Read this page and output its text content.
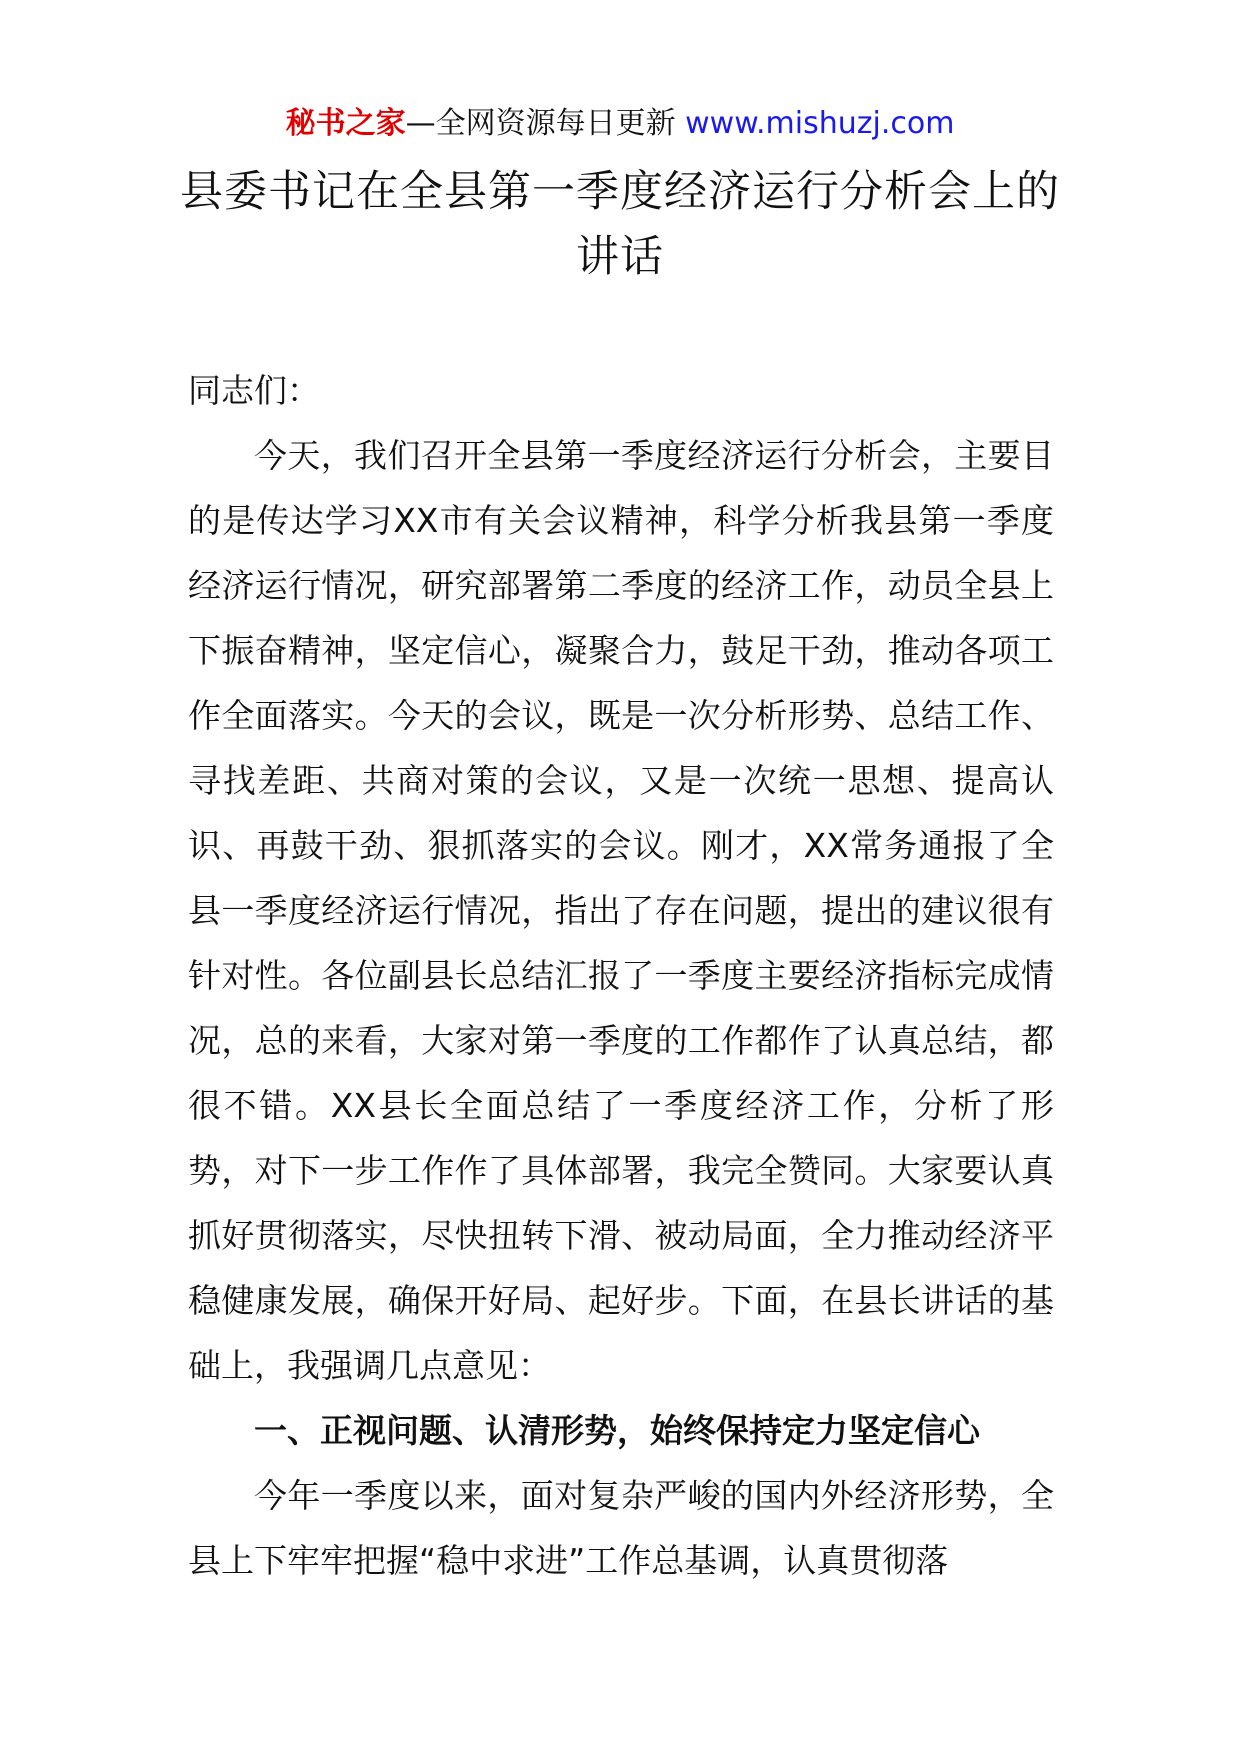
秘书之家—全网资源每日更新 www.mishuzj.com
县委书记在全县第一季度经济运行分析会上的讲话

同志们：

今天，我们召开全县第一季度经济运行分析会，主要目的是传达学习XX市有关会议精神，科学分析我县第一季度经济运行情况，研究部署第二季度的经济工作，动员全县上下振奋精神，坚定信心，凝聚合力，鼓足干劲，推动各项工作全面落实。今天的会议，既是一次分析形势、总结工作、寻找差距、共商对策的会议，又是一次统一思想、提高认识、再鼓干劲、狠抓落实的会议。刚才，XX常务通报了全县一季度经济运行情况，指出了存在问题，提出的建议很有针对性。各位副县长总结汇报了一季度主要经济指标完成情况，总的来看，大家对第一季度的工作都作了认真总结，都很不错。XX县长全面总结了一季度经济工作，分析了形势，对下一步工作作了具体部署，我完全赞同。大家要认真抓好贯彻落实，尽快扭转下滑、被动局面，全力推动经济平稳健康发展，确保开好局、起好步。下面，在县长讲话的基础上，我强调几点意见：

一、正视问题、认清形势，始终保持定力坚定信心

今年一季度以来，面对复杂严峻的国内外经济形势，全县上下牢牢把握“稳中求进”工作总基调，认真贯彻落
